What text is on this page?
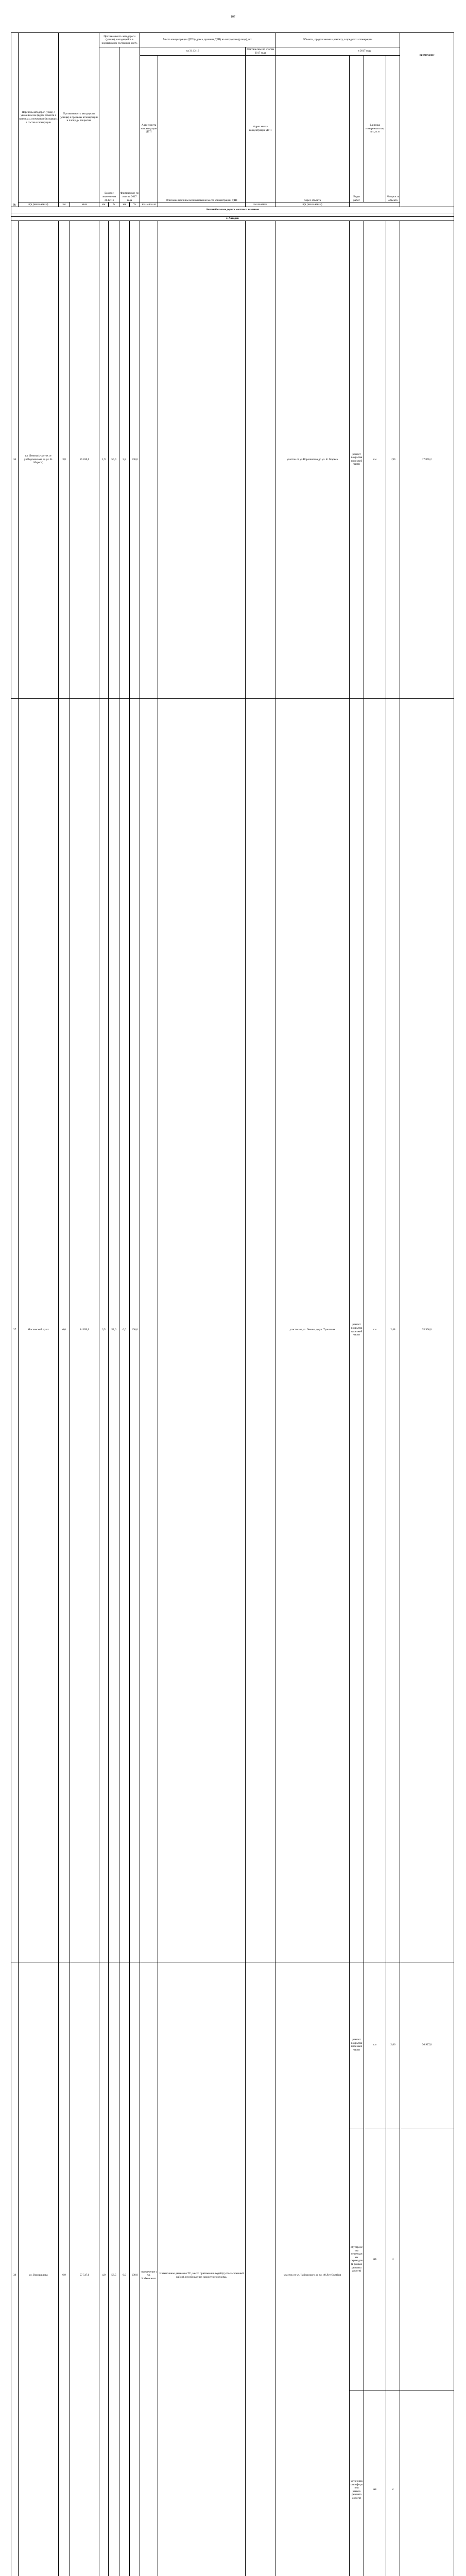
107
№	Перечень автодорог (улиц) с указанием км (адрес объекта в границах агломерации)входящих в состав агломерации	Протяженность автодороги (улицы) в пределах агломерации и площадь покрытия		Протяженность автодороги (улицы), находящейся в нормативном состоянии, км/%				Места концентрации ДТП (адреса, причина ДТП) на автодороге (улице), шт.			Объекты, предлагаемые к ремонту, в пределах агломерации				примечание	
				Базовое значение на 31.12.16		Фактическое по итогам 2017 года		на 31.12.16		Фактическое по итогам 2017 года	в 2017 году					
								Адрес места концентрации ДТП	Описание причины возникновения места концентрации ДТП	Адрес места концентрации ДТП	Адрес объекта	Виды работ	Единица измерения в км, шт., п.м	Мощность объекта		
	п/д (км+м-км+м)	км	кв.м	км	%	км	%	км+м-км+м		км+м-км+м	п/д (км+м-км+м)					
Автомобильные дороги местного значения																

г. Ангарск																
36	ул. Ленина (участок от ул.Ворошилова до ул. К. Маркса)	3,8	56 830,0	1,9	50,0	3,8	100,0				участок от ул.Ворошилова до ул. К. Маркса	ремонт покрытия проезжей части	км	1,90	17 876,2		
37	Московский тракт	6,0	44 850,0	3,5	58,6	6,0	100,0				участок от ул. Ленина до ул. Трактовая	ремонт покрытия проезжей части	км	2,48	35 900,0		
38	ул. Ворошилова	6,9	57 547,0	4,0	58,5	6,9	100,0	пересечение с ул. Чайковского	Интенсивное движение ТС, место притяжения людей (густо заселенный район), несоблюдение скоростного режима.		участок от ул. Чайковского до ул. 40 Лет Октября	ремонт покрытия проезжей части	км	2,86	36 927,0		
												обустройство пешеходных переходов (в рамках ремонта дороги)	шт.	4		
												установка светофоров (в рамках ремонта дороги)	шт.	2		
